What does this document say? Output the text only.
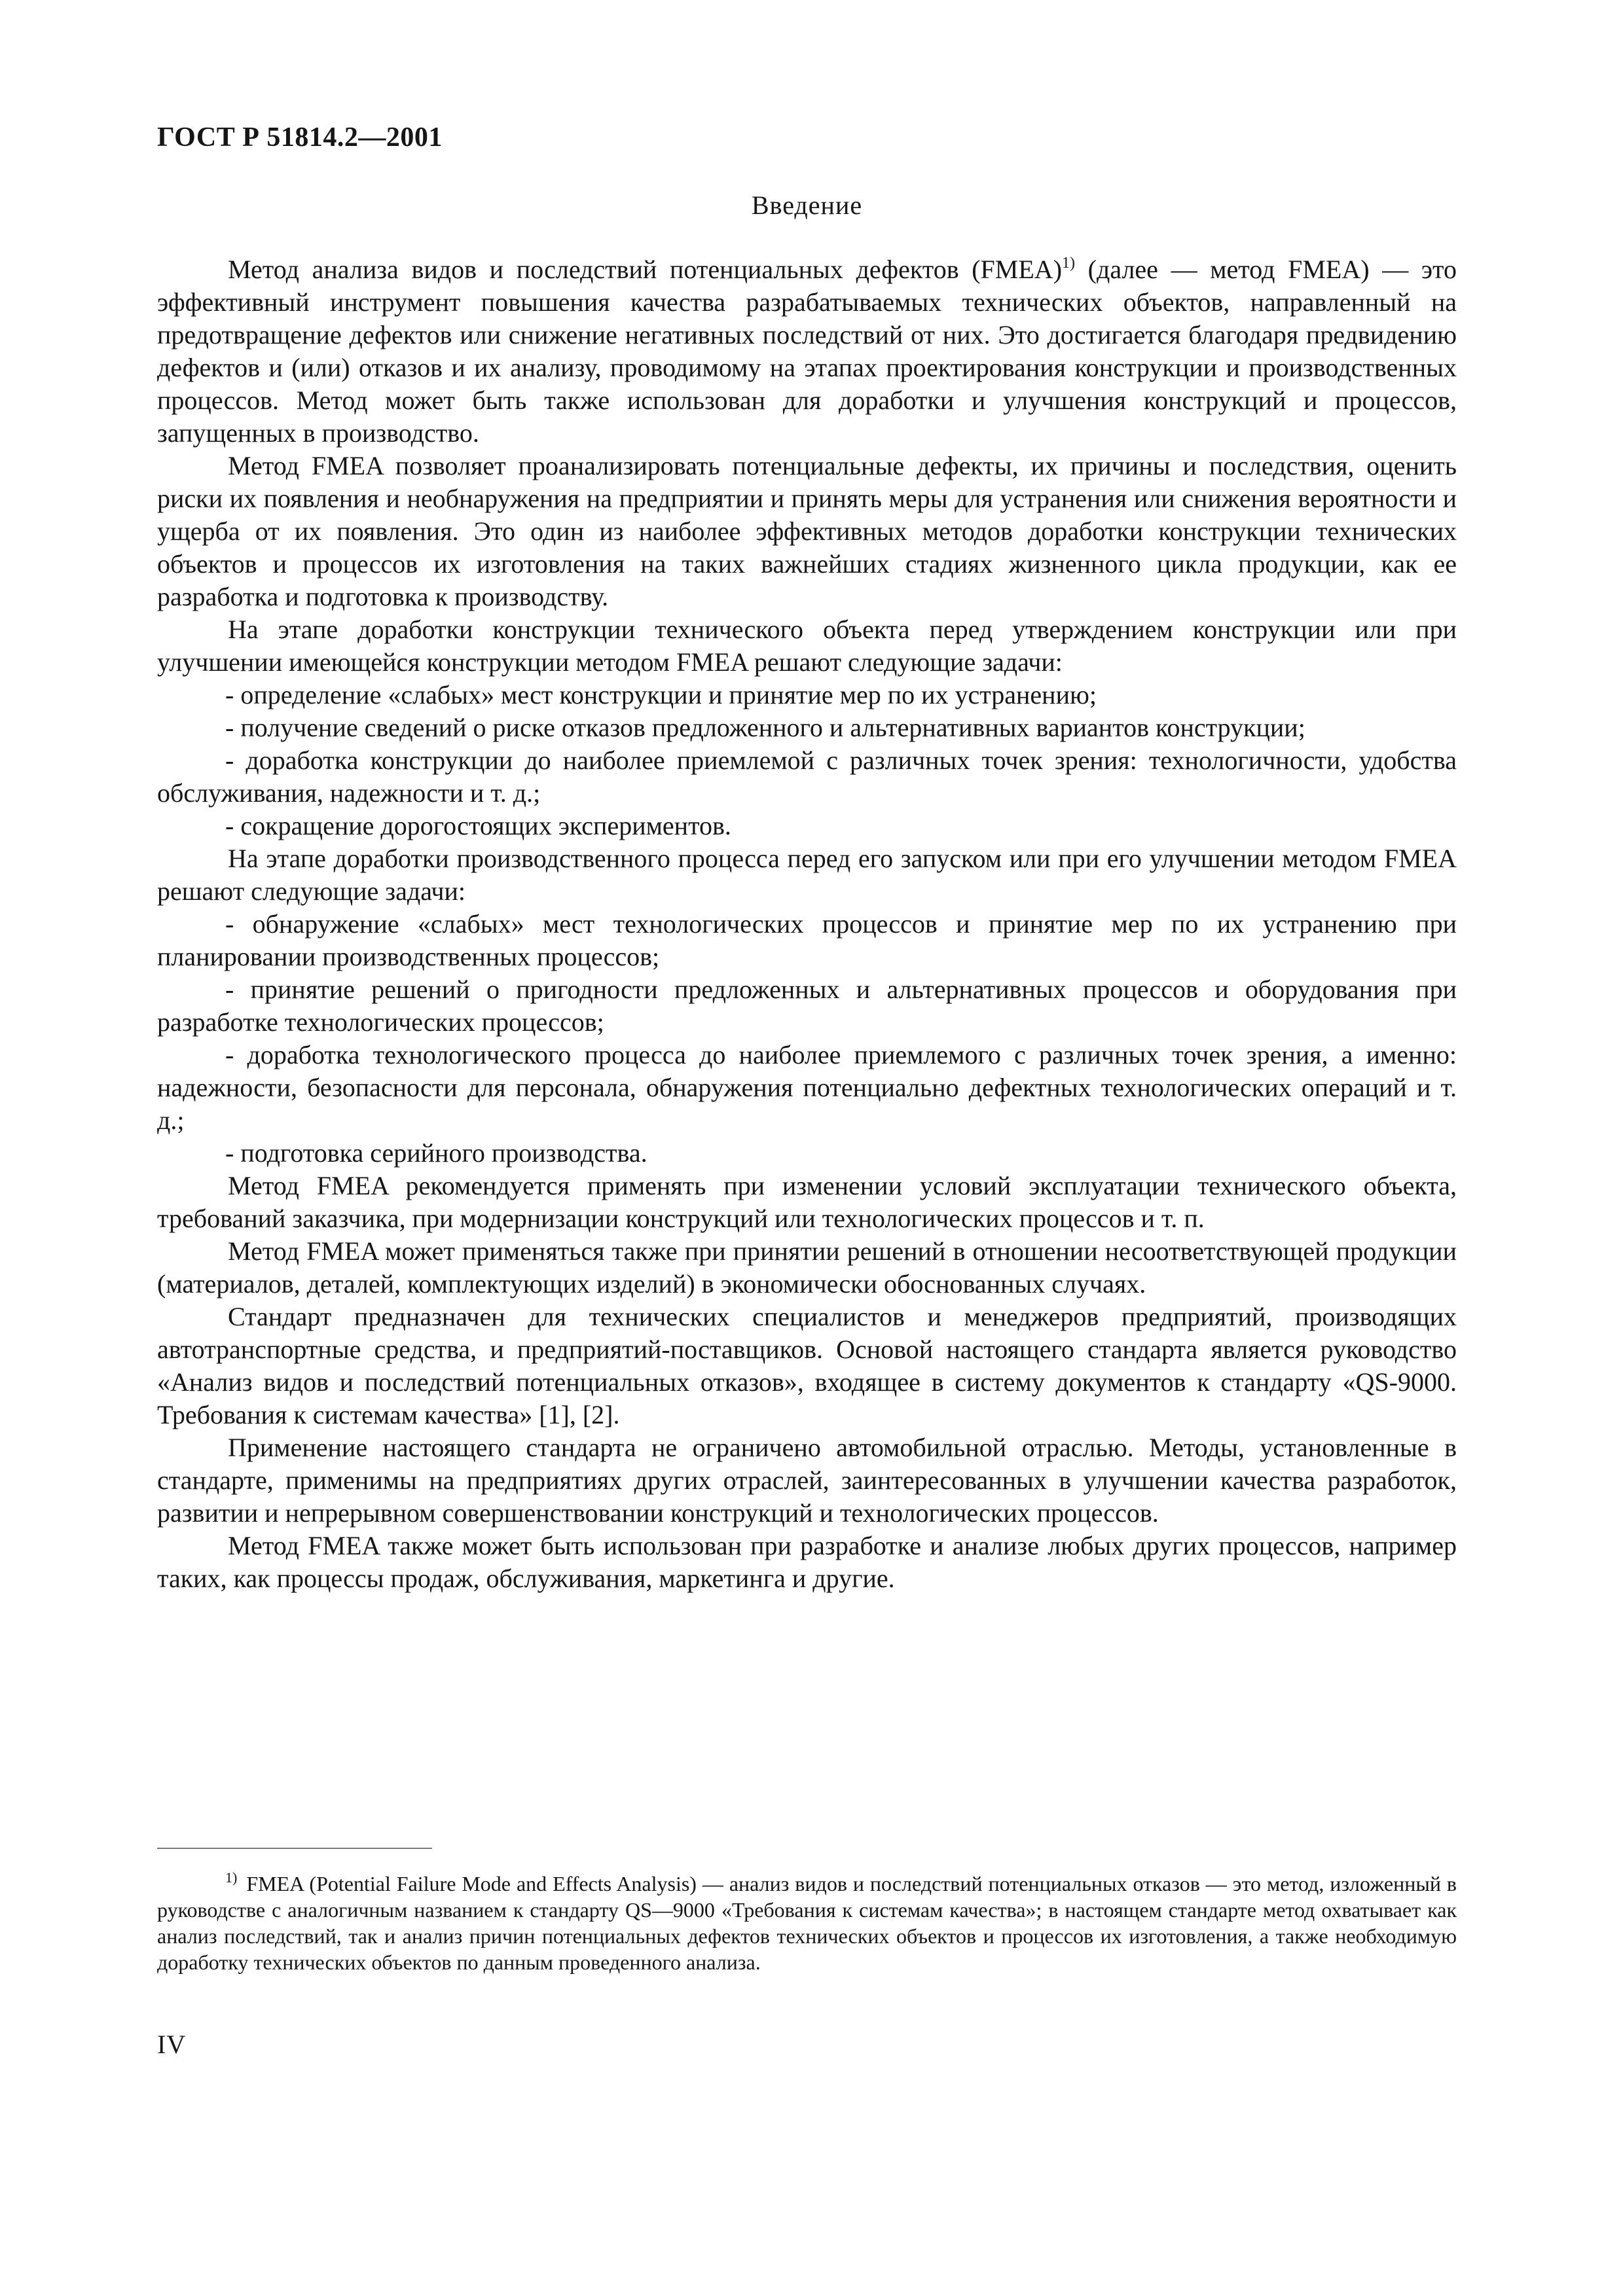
ГОСТ Р 51814.2—2001
Введение

Метод анализа видов и последствий потенциальных дефектов (FMEA)$^{1)}$ (далее — метод FMEA) — это эффективный инструмент повышения качества разрабатываемых технических объектов, направленный на предотвращение дефектов или снижение негативных последствий от них. Это достигается благодаря предвидению дефектов и (или) отказов и их анализу, проводимому на этапах проектирования конструкции и производственных процессов. Метод может быть также использован для доработки и улучшения конструкций и процессов, запущенных в производство.

Метод FMEA позволяет проанализировать потенциальные дефекты, их причины и последствия, оценить риски их появления и необнаружения на предприятии и принять меры для устранения или снижения вероятности и ущерба от их появления. Это один из наиболее эффективных методов доработки конструкции технических объектов и процессов их изготовления на таких важнейших стадиях жизненного цикла продукции, как ее разработка и подготовка к производству.

На этапе доработки конструкции технического объекта перед утверждением конструкции или при улучшении имеющейся конструкции методом FMEA решают следующие задачи:

- определение «слабых» мест конструкции и принятие мер по их устранению;

- получение сведений о риске отказов предложенного и альтернативных вариантов конструкции;

- доработка конструкции до наиболее приемлемой с различных точек зрения: технологичности, удобства обслуживания, надежности и т. д.;

- сокращение дорогостоящих экспериментов.

На этапе доработки производственного процесса перед его запуском или при его улучшении методом FMEA решают следующие задачи:

- обнаружение «слабых» мест технологических процессов и принятие мер по их устранению при планировании производственных процессов;

- принятие решений о пригодности предложенных и альтернативных процессов и оборудования при разработке технологических процессов;

- доработка технологического процесса до наиболее приемлемого с различных точек зрения, а именно: надежности, безопасности для персонала, обнаружения потенциально дефектных технологических операций и т. д.;

- подготовка серийного производства.

Метод FMEA рекомендуется применять при изменении условий эксплуатации технического объекта, требований заказчика, при модернизации конструкций или технологических процессов и т. п.

Метод FMEA может применяться также при принятии решений в отношении несоответствующей продукции (материалов, деталей, комплектующих изделий) в экономически обоснованных случаях.

Стандарт предназначен для технических специалистов и менеджеров предприятий, производящих автотранспортные средства, и предприятий-поставщиков. Основой настоящего стандарта является руководство «Анализ видов и последствий потенциальных отказов», входящее в систему документов к стандарту «QS-9000. Требования к системам качества» [1], [2].

Применение настоящего стандарта не ограничено автомобильной отраслью. Методы, установленные в стандарте, применимы на предприятиях других отраслей, заинтересованных в улучшении качества разработок, развитии и непрерывном совершенствовании конструкций и технологических процессов.

Метод FMEA также может быть использован при разработке и анализе любых других процессов, например таких, как процессы продаж, обслуживания, маркетинга и другие.

$^{1)}$ FMEA (Potential Failure Mode and Effects Analysis) — анализ видов и последствий потенциальных отказов — это метод, изложенный в руководстве с аналогичным названием к стандарту QS—9000 «Требования к системам качества»; в настоящем стандарте метод охватывает как анализ последствий, так и анализ причин потенциальных дефектов технических объектов и процессов их изготовления, а также необходимую доработку технических объектов по данным проведенного анализа.

IV
